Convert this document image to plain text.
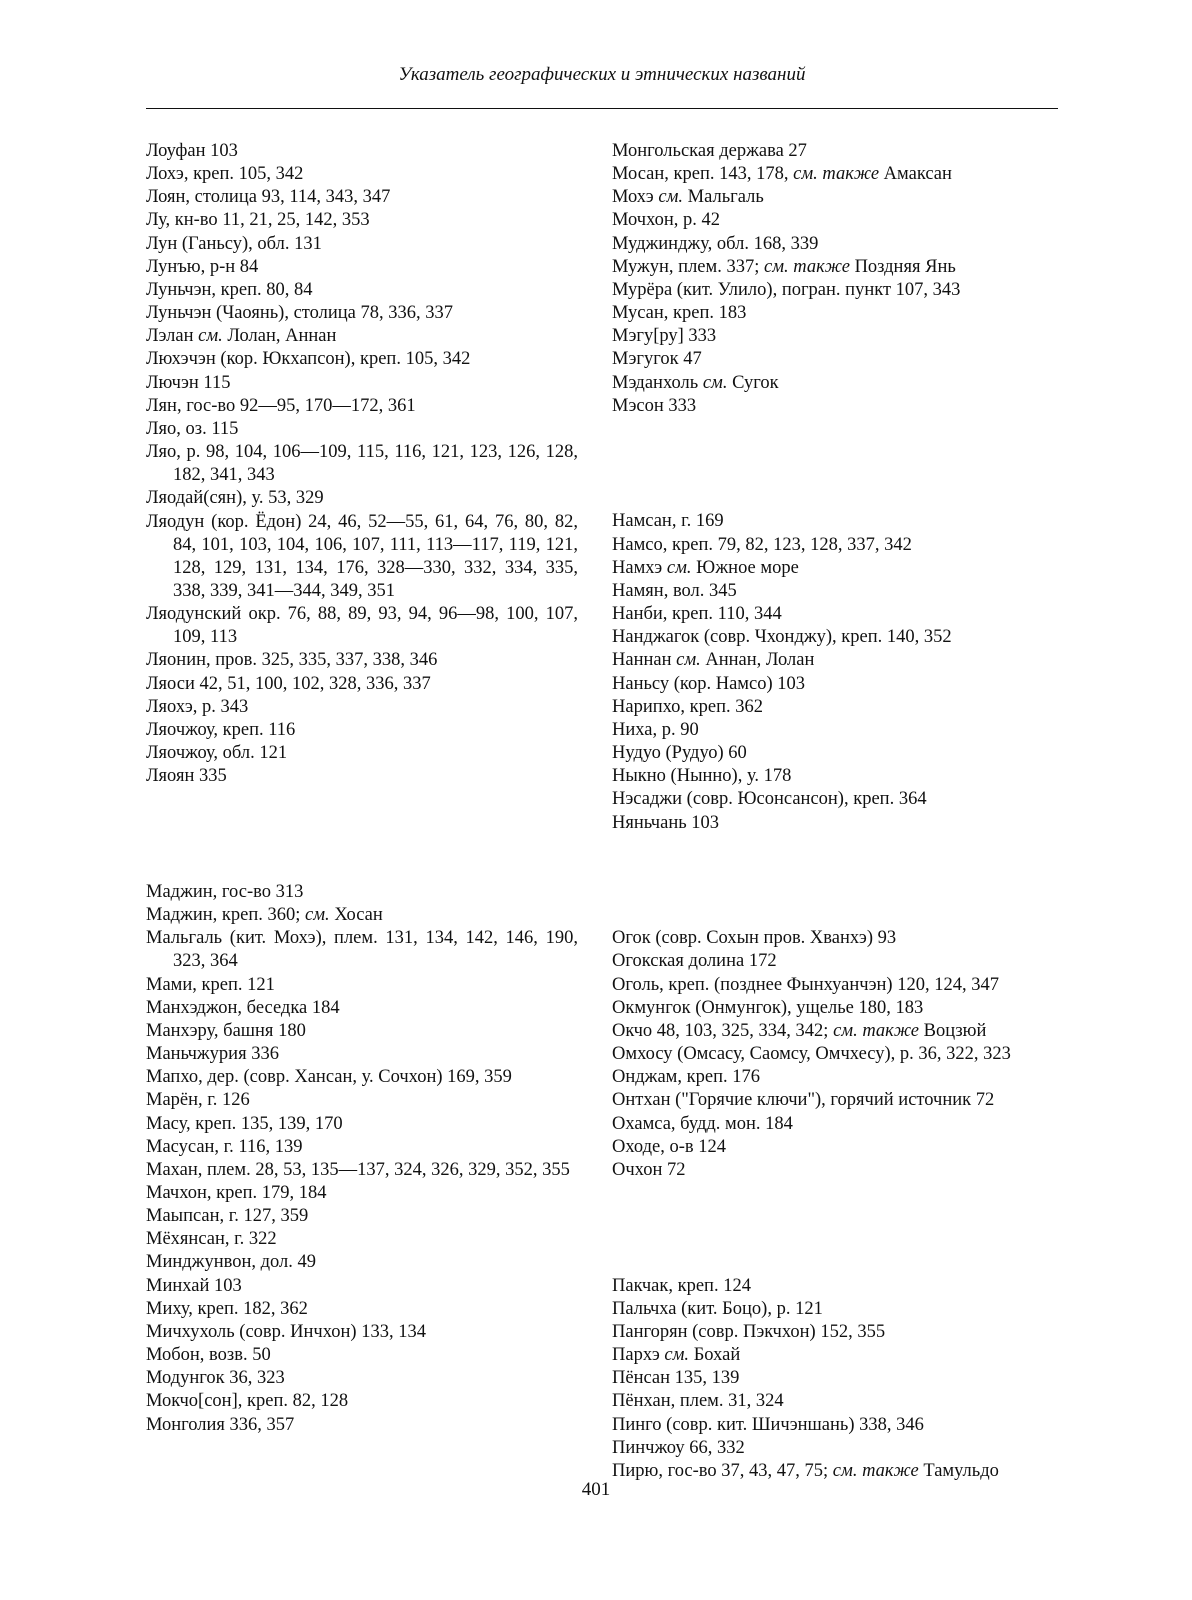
Указатель географических и этнических названий
Лоуфан 103
Лохэ, креп. 105, 342
Лоян, столица 93, 114, 343, 347
Лу, кн-во 11, 21, 25, 142, 353
Лун (Ганьсу), обл. 131
Лунъю, р-н 84
Луньчэн, креп. 80, 84
Луньчэн (Чаоянь), столица 78, 336, 337
Лэлан см. Лолан, Аннан
Люхэчэн (кор. Юкхапсон), креп. 105, 342
Лючэн 115
Лян, гос-во 92—95, 170—172, 361
Ляо, оз. 115
Ляо, р. 98, 104, 106—109, 115, 116, 121, 123, 126, 128, 182, 341, 343
Ляодай(сян), у. 53, 329
Ляодун (кор. Ёдон) 24, 46, 52—55, 61, 64, 76, 80, 82, 84, 101, 103, 104, 106, 107, 111, 113—117, 119, 121, 128, 129, 131, 134, 176, 328—330, 332, 334, 335, 338, 339, 341—344, 349, 351
Ляодунский окр. 76, 88, 89, 93, 94, 96—98, 100, 107, 109, 113
Ляонин, пров. 325, 335, 337, 338, 346
Ляоси 42, 51, 100, 102, 328, 336, 337
Ляохэ, р. 343
Ляочжоу, креп. 116
Ляочжоу, обл. 121
Ляоян 335
Маджин, гос-во 313
Маджин, креп. 360; см. Хосан
Мальгаль (кит. Мохэ), плем. 131, 134, 142, 146, 190, 323, 364
Мами, креп. 121
Манхэджон, беседка 184
Манхэру, башня 180
Маньчжурия 336
Мапхо, дер. (совр. Хансан, у. Сочхон) 169, 359
Марён, г. 126
Масу, креп. 135, 139, 170
Масусан, г. 116, 139
Махан, плем. 28, 53, 135—137, 324, 326, 329, 352, 355
Мачхон, креп. 179, 184
Маыпсан, г. 127, 359
Мёхянсан, г. 322
Минджунвон, дол. 49
Минхай 103
Миху, креп. 182, 362
Мичхухоль (совр. Инчхон) 133, 134
Мобон, возв. 50
Модунгок 36, 323
Мокчо[сон], креп. 82, 128
Монголия 336, 357
Монгольская держава 27
Мосан, креп. 143, 178, см. также Амаксан
Мохэ см. Мальгаль
Мочхон, р. 42
Муджинджу, обл. 168, 339
Мужун, плем. 337; см. также Поздняя Янь
Мурёра (кит. Улило), погран. пункт 107, 343
Мусан, креп. 183
Мэгу[ру] 333
Мэгугок 47
Мэданхоль см. Сугок
Мэсон 333
Намсан, г. 169
Намсо, креп. 79, 82, 123, 128, 337, 342
Намхэ см. Южное море
Намян, вол. 345
Нанби, креп. 110, 344
Нанджагок (совр. Чхонджу), креп. 140, 352
Наннан см. Аннан, Лолан
Наньсу (кор. Намсо) 103
Нарипхо, креп. 362
Ниха, р. 90
Нудуо (Рудуо) 60
Ныкно (Нынно), у. 178
Нэсаджи (совр. Юсонсансон), креп. 364
Няньчань 103
Огок (совр. Сохын пров. Хванхэ) 93
Огокская долина 172
Оголь, креп. (позднее Фынхуанчэн) 120, 124, 347
Окмунгок (Онмунгок), ущелье 180, 183
Окчо 48, 103, 325, 334, 342; см. также Воцзюй
Омхосу (Омсасу, Саомсу, Омчхесу), р. 36, 322, 323
Онджам, креп. 176
Онтхан ("Горячие ключи"), горячий источник 72
Охамса, будд. мон. 184
Оходе, о-в 124
Очхон 72
Пакчак, креп. 124
Пальчха (кит. Боцо), р. 121
Пангорян (совр. Пэкчхон) 152, 355
Пархэ см. Бохай
Пёнсан 135, 139
Пёнхан, плем. 31, 324
Пинго (совр. кит. Шичэншань) 338, 346
Пинчжоу 66, 332
Пирю, гос-во 37, 43, 47, 75; см. также Тамульдо
401
